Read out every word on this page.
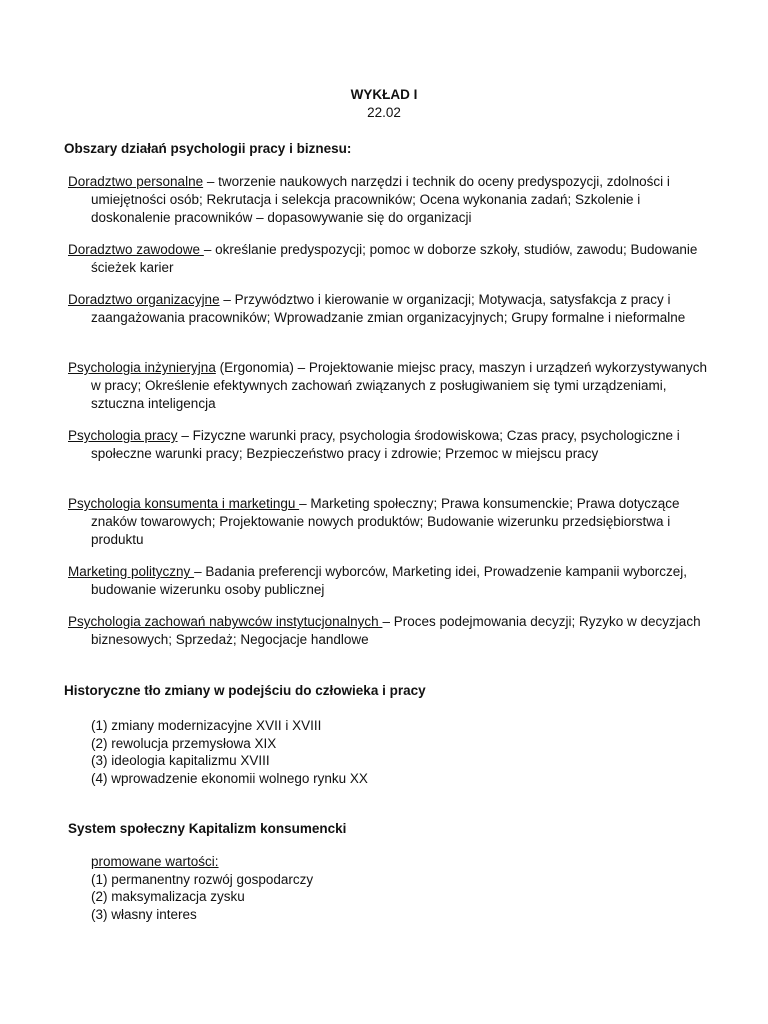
WYKŁAD I
22.02
Obszary działań psychologii pracy i biznesu:
Doradztwo personalne – tworzenie naukowych narzędzi i technik do oceny predyspozycji, zdolności i umiejętności osób; Rekrutacja i selekcja pracowników; Ocena wykonania zadań; Szkolenie i doskonalenie pracowników – dopasowywanie się do organizacji
Doradztwo zawodowe – określanie predyspozycji; pomoc w doborze szkoły, studiów, zawodu; Budowanie ścieżek karier
Doradztwo organizacyjne – Przywództwo i kierowanie w organizacji; Motywacja, satysfakcja z pracy i zaangażowania pracowników; Wprowadzanie zmian organizacyjnych; Grupy formalne i nieformalne
Psychologia inżynieryjna (Ergonomia) – Projektowanie miejsc pracy, maszyn i urządzeń wykorzystywanych w pracy; Określenie efektywnych zachowań związanych z posługiwaniem się tymi urządzeniami, sztuczna inteligencja
Psychologia pracy – Fizyczne warunki pracy, psychologia środowiskowa; Czas pracy, psychologiczne i społeczne warunki pracy; Bezpieczeństwo pracy i zdrowie; Przemoc w miejscu pracy
Psychologia konsumenta i marketingu – Marketing społeczny; Prawa konsumenckie; Prawa dotyczące znaków towarowych; Projektowanie nowych produktów; Budowanie wizerunku przedsiębiorstwa i produktu
Marketing polityczny – Badania preferencji wyborców, Marketing idei, Prowadzenie kampanii wyborczej, budowanie wizerunku osoby publicznej
Psychologia zachowań nabywców instytucjonalnych – Proces podejmowania decyzji; Ryzyko w decyzjach biznesowych; Sprzedaż; Negocjacje handlowe
Historyczne tło zmiany w podejściu do człowieka i pracy
(1) zmiany modernizacyjne XVII i XVIII
(2) rewolucja przemysłowa XIX
(3) ideologia kapitalizmu XVIII
(4) wprowadzenie ekonomii wolnego rynku XX
System społeczny Kapitalizm konsumencki
promowane wartości:
(1) permanentny rozwój gospodarczy
(2) maksymalizacja zysku
(3) własny interes
